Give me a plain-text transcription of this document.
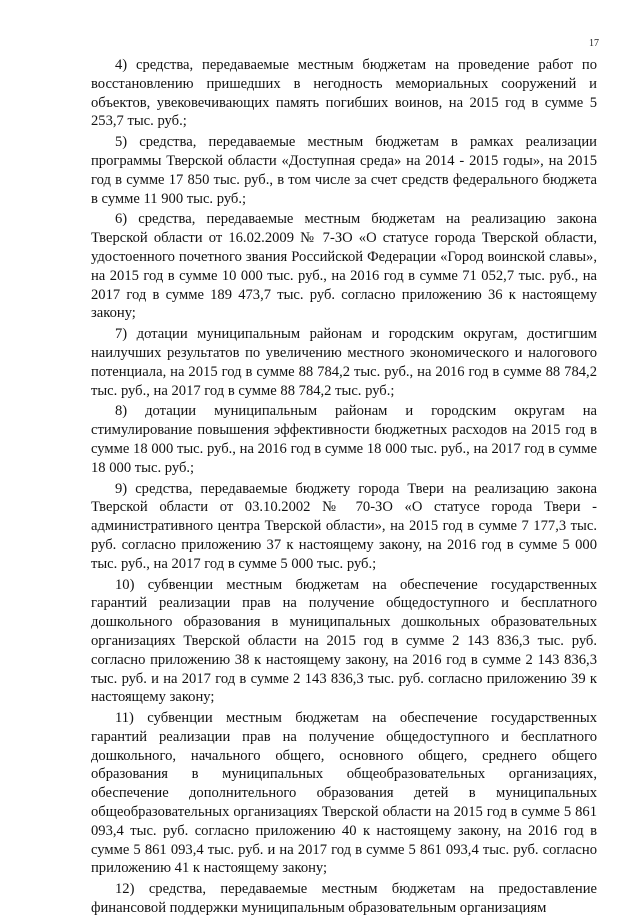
17

4) средства, передаваемые местным бюджетам на проведение работ по восстановлению пришедших в негодность мемориальных сооружений и объектов, увековечивающих память погибших воинов, на 2015 год в сумме 5 253,7 тыс. руб.;

5) средства, передаваемые местным бюджетам в рамках реализации программы Тверской области «Доступная среда» на 2014 - 2015 годы», на 2015 год в сумме 17 850 тыс. руб., в том числе за счет средств федерального бюджета в сумме 11 900 тыс. руб.;

6) средства, передаваемые местным бюджетам на реализацию закона Тверской области от 16.02.2009 № 7-ЗО «О статусе города Тверской области, удостоенного почетного звания Российской Федерации «Город воинской славы», на 2015 год в сумме 10 000 тыс. руб., на 2016 год в сумме 71 052,7 тыс. руб., на 2017 год в сумме 189 473,7 тыс. руб. согласно приложению 36 к настоящему закону;

7) дотации муниципальным районам и городским округам, достигшим наилучших результатов по увеличению местного экономического и налогового потенциала, на 2015 год в сумме 88 784,2 тыс. руб., на 2016 год в сумме 88 784,2 тыс. руб., на 2017 год в сумме 88 784,2 тыс. руб.;

8) дотации муниципальным районам и городским округам на стимулирование повышения эффективности бюджетных расходов на 2015 год в сумме 18 000 тыс. руб., на 2016 год в сумме 18 000 тыс. руб., на 2017 год в сумме 18 000 тыс. руб.;

9) средства, передаваемые бюджету города Твери на реализацию закона Тверской области от 03.10.2002 № 70-ЗО «О статусе города Твери - административного центра Тверской области», на 2015 год в сумме 7 177,3 тыс. руб. согласно приложению 37 к настоящему закону, на 2016 год в сумме 5 000 тыс. руб., на 2017 год в сумме 5 000 тыс. руб.;

10) субвенции местным бюджетам на обеспечение государственных гарантий реализации прав на получение общедоступного и бесплатного дошкольного образования в муниципальных дошкольных образовательных организациях Тверской области на 2015 год в сумме 2 143 836,3 тыс. руб. согласно приложению 38 к настоящему закону, на 2016 год в сумме 2 143 836,3 тыс. руб. и на 2017 год в сумме 2 143 836,3 тыс. руб. согласно приложению 39 к настоящему закону;

11) субвенции местным бюджетам на обеспечение государственных гарантий реализации прав на получение общедоступного и бесплатного дошкольного, начального общего, основного общего, среднего общего образования в муниципальных общеобразовательных организациях, обеспечение дополнительного образования детей в муниципальных общеобразовательных организациях Тверской области на 2015 год в сумме 5 861 093,4 тыс. руб. согласно приложению 40 к настоящему закону, на 2016 год в сумме 5 861 093,4 тыс. руб. и на 2017 год в сумме 5 861 093,4 тыс. руб. согласно приложению 41 к настоящему закону;

12) средства, передаваемые местным бюджетам на предоставление финансовой поддержки муниципальным образовательным организациям
